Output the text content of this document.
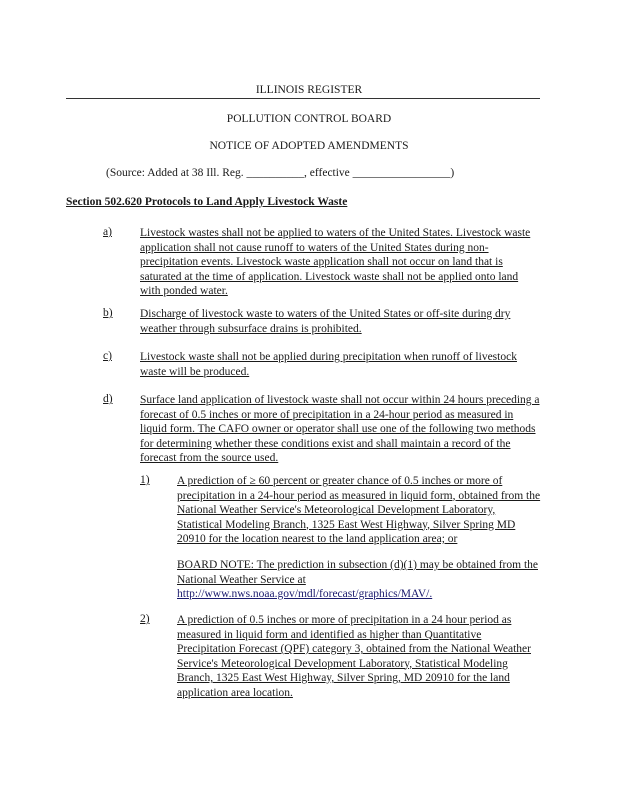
ILLINOIS REGISTER
POLLUTION CONTROL BOARD
NOTICE OF ADOPTED AMENDMENTS
(Source: Added at 38 Ill. Reg. __________, effective _________________)
Section 502.620 Protocols to Land Apply Livestock Waste
a) Livestock wastes shall not be applied to waters of the United States. Livestock waste application shall not cause runoff to waters of the United States during non-precipitation events. Livestock waste application shall not occur on land that is saturated at the time of application. Livestock waste shall not be applied onto land with ponded water.

b) Discharge of livestock waste to waters of the United States or off-site during dry weather through subsurface drains is prohibited.

c) Livestock waste shall not be applied during precipitation when runoff of livestock waste will be produced.

d) Surface land application of livestock waste shall not occur within 24 hours preceding a forecast of 0.5 inches or more of precipitation in a 24-hour period as measured in liquid form. The CAFO owner or operator shall use one of the following two methods for determining whether these conditions exist and shall maintain a record of the forecast from the source used.

1) A prediction of ≥ 60 percent or greater chance of 0.5 inches or more of precipitation in a 24-hour period as measured in liquid form, obtained from the National Weather Service's Meteorological Development Laboratory, Statistical Modeling Branch, 1325 East West Highway, Silver Spring MD 20910 for the location nearest to the land application area; or

BOARD NOTE: The prediction in subsection (d)(1) may be obtained from the National Weather Service at

http://www.nws.noaa.gov/mdl/forecast/graphics/MAV/.
2) A prediction of 0.5 inches or more of precipitation in a 24 hour period as measured in liquid form and identified as higher than Quantitative Precipitation Forecast (QPF) category 3, obtained from the National Weather Service's Meteorological Development Laboratory, Statistical Modeling Branch, 1325 East West Highway, Silver Spring, MD 20910 for the land application area location.
